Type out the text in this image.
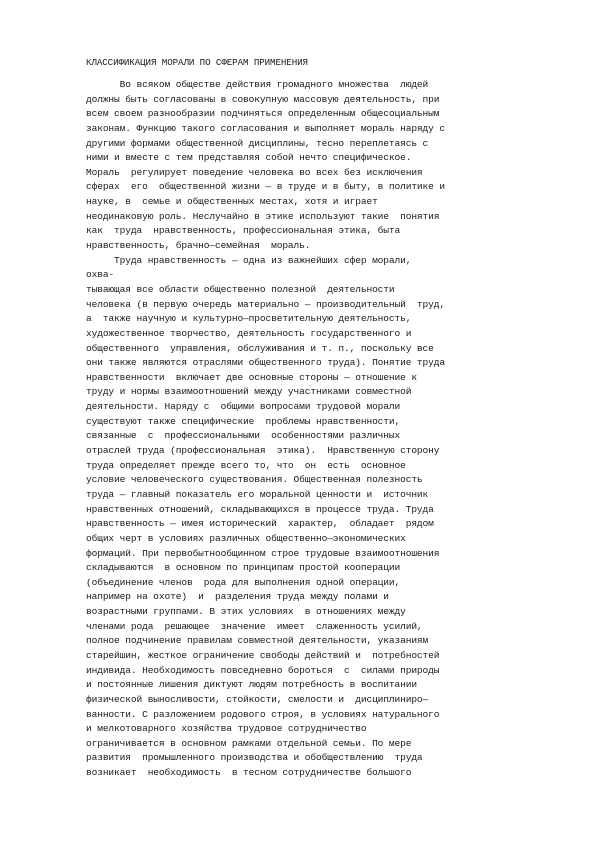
КЛАССИФИКАЦИЯ МОРАЛИ ПО СФЕРАМ ПРИМЕНЕНИЯ
Во всяком обществе действия громадного множества  людей
должны быть согласованы в совокупную массовую деятельность, при
всем своем разнообразии подчиняться определенным общесоциальным
законам. Функцию такого согласования и выполняет мораль наряду с
другими формами общественной дисциплины, тесно переплетаясь с
ними и вместе с тем представляя собой нечто специфическое.
Мораль  регулирует поведение человека во всех без исключения
сферах  его  общественной жизни — в труде и в быту, в политике и
науке, в  семье и общественных местах, хотя и играет
неодинаковую роль. Неслучайно в этике используют такие  понятия
как  труда  нравственность, профессиональная этика, быта
нравственность, брачно—семейная  мораль.
Труда нравственность — одна из важнейших сфер морали,
охва-
тывающая все области общественно полезной  деятельности
человека (в первую очередь материально — производительный  труд,
а  также научную и культурно—просветительную деятельность,
художественное творчество, деятельность государственного и
общественного  управления, обслуживания и т. п., поскольку все
они также являются отраслями общественного труда). Понятие труда
нравственности  включает две основные стороны — отношение к
труду и нормы взаимоотношений между участниками совместной
деятельности. Наряду с  общими вопросами трудовой морали
существуют также специфические  проблемы нравственности,
связанные  с  профессиональными  особенностями различных
отраслей труда (профессиональная  этика).  Нравственную сторону
труда определяет прежде всего то, что  он  есть  основное
условие человеческого существования. Общественная полезность
труда — главный показатель его моральной ценности и  источник
нравственных отношений, складывающихся в процессе труда. Труда
нравственность — имея исторический  характер,  обладает  рядом
общих черт в условиях различных общественно—экономических
формаций. При первобытнообщинном строе трудовые взаимоотношения
складываются  в основном по принципам простой кооперации
(объединение членов  рода для выполнения одной операции,
например на охоте)  и  разделения труда между полами и
возрастными группами. В этих условиях  в отношениях между
членами рода  решающее  значение  имеет  слаженность усилий,
полное подчинение правилам совместной деятельности, указаниям
старейшин, жесткое ограничение свободы действий и  потребностей
индивида. Необходимость повседневно бороться  с  силами природы
и постоянные лишения диктуют людям потребность в воспитании
физической выносливости, стойкости, смелости и  дисциплиниро—
ванности. С разложением родового строя, в условиях натурального
и мелкотоварного хозяйства трудовое сотрудничество
ограничивается в основном рамками отдельной семьи. По мере
развития  промышленного производства и обобществлению  труда
возникает  необходимость  в тесном сотрудничестве большого
